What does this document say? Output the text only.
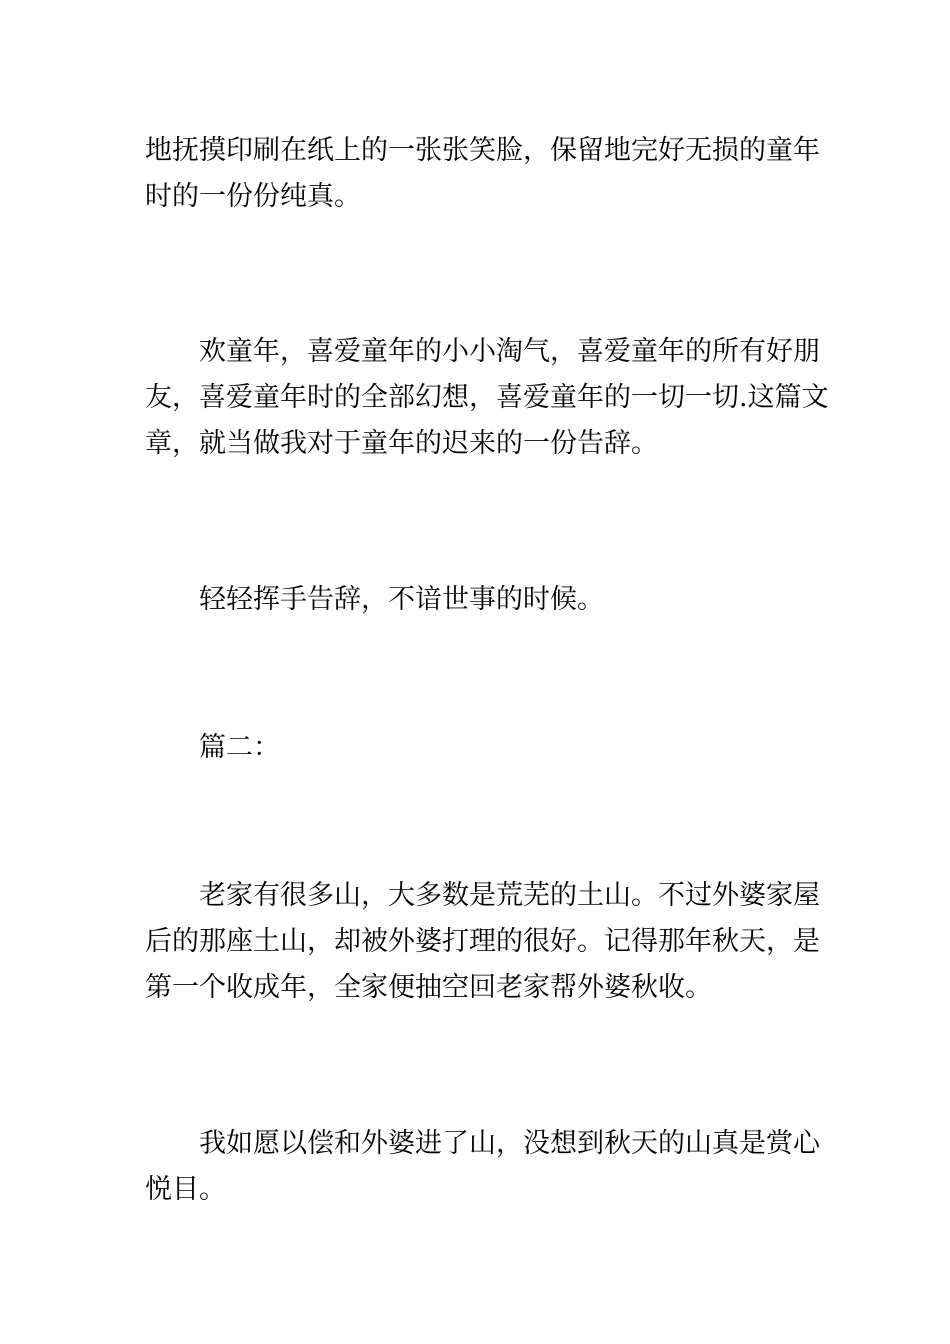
地抚摸印刷在纸上的一张张笑脸，保留地完好无损的童年
时的一份份纯真。
欢童年，喜爱童年的小小淘气，喜爱童年的所有好朋
友，喜爱童年时的全部幻想，喜爱童年的一切一切.这篇文
章，就当做我对于童年的迟来的一份告辞。
轻轻挥手告辞，不谙世事的时候。
篇二：
老家有很多山，大多数是荒芜的土山。不过外婆家屋
后的那座土山，却被外婆打理的很好。记得那年秋天，是
第一个收成年，全家便抽空回老家帮外婆秋收。
我如愿以偿和外婆进了山，没想到秋天的山真是赏心
悦目。
